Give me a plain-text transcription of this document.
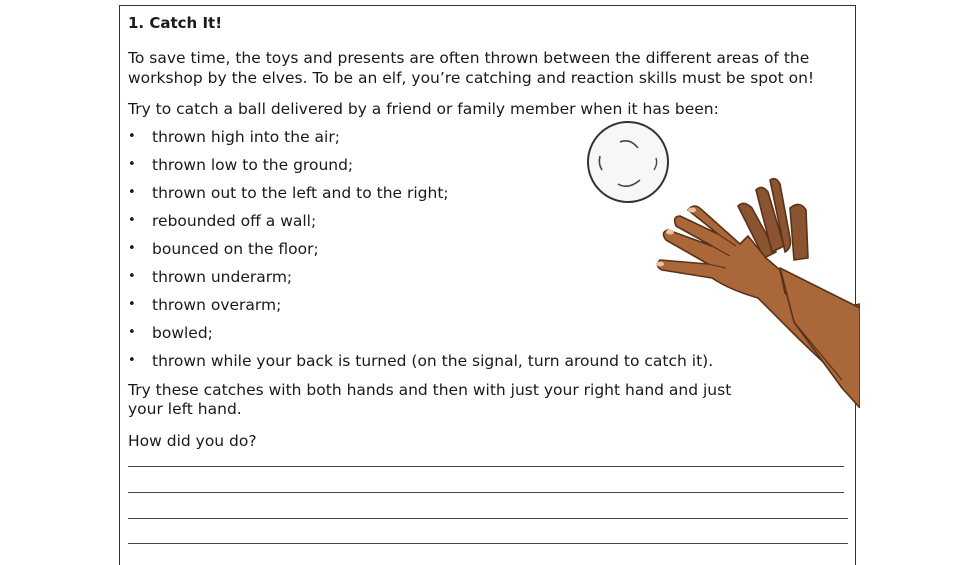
1. Catch It!

To save time, the toys and presents are often thrown between the different areas of the workshop by the elves. To be an elf, you’re catching and reaction skills must be spot on!

Try to catch a ball delivered by a friend or family member when it has been:

• thrown high into the air;
• thrown low to the ground;
• thrown out to the left and to the right;
• rebounded off a wall;
• bounced on the floor;
• thrown underarm;
• thrown overarm;
• bowled;
• thrown while your back is turned (on the signal, turn around to catch it).

Try these catches with both hands and then with just your right hand and just your left hand.

How did you do?
